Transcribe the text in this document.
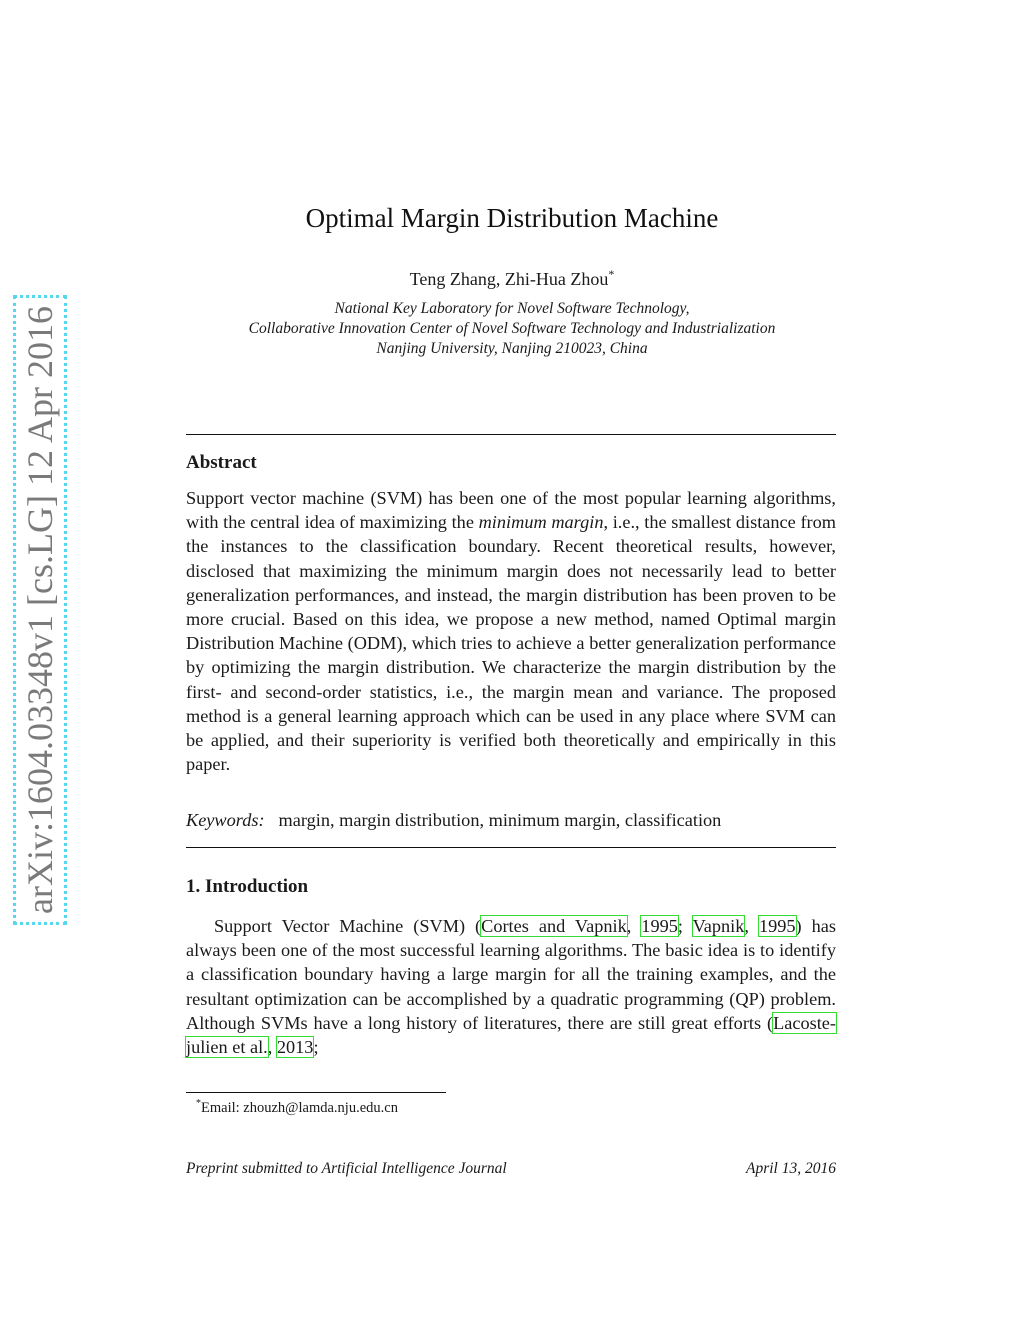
arXiv:1604.03348v1 [cs.LG] 12 Apr 2016
Optimal Margin Distribution Machine
Teng Zhang, Zhi-Hua Zhou*
National Key Laboratory for Novel Software Technology,
Collaborative Innovation Center of Novel Software Technology and Industrialization
Nanjing University, Nanjing 210023, China
Abstract
Support vector machine (SVM) has been one of the most popular learning algorithms, with the central idea of maximizing the minimum margin, i.e., the smallest distance from the instances to the classification boundary. Recent theoretical results, however, disclosed that maximizing the minimum margin does not necessarily lead to better generalization performances, and instead, the margin distribution has been proven to be more crucial. Based on this idea, we propose a new method, named Optimal margin Distribution Machine (ODM), which tries to achieve a better generalization performance by optimizing the margin distribution. We characterize the margin distribution by the first- and second-order statistics, i.e., the margin mean and variance. The proposed method is a general learning approach which can be used in any place where SVM can be applied, and their superiority is verified both theoretically and empirically in this paper.
Keywords: margin, margin distribution, minimum margin, classification
1. Introduction
Support Vector Machine (SVM) (Cortes and Vapnik, 1995; Vapnik, 1995) has always been one of the most successful learning algorithms. The basic idea is to identify a classification boundary having a large margin for all the training examples, and the resultant optimization can be accomplished by a quadratic programming (QP) problem. Although SVMs have a long history of literatures, there are still great efforts (Lacoste-julien et al., 2013;
*Email: zhouzh@lamda.nju.edu.cn
Preprint submitted to Artificial Intelligence Journal	April 13, 2016
